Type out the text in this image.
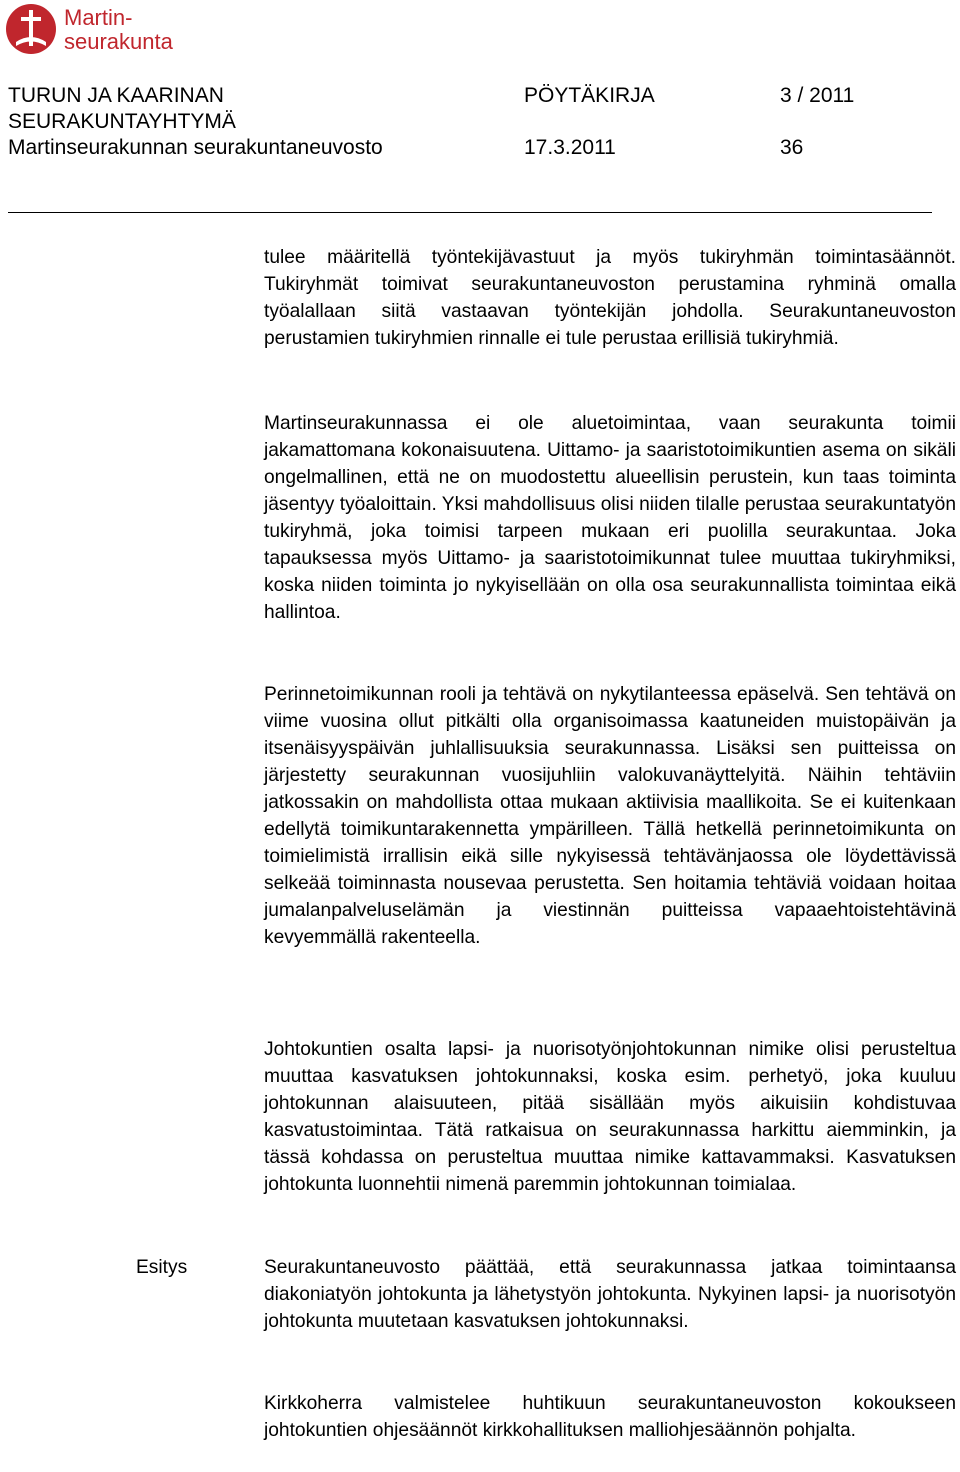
Martin-
seurakunta
TURUN JA KAARINAN
SEURAKUNTAYHTYMÄ
Martinseurakunnan seurakuntaneuvosto
PÖYTÄKIRJA	3 / 2011
17.3.2011	36

tulee määritellä työntekijävastuut ja myös tukiryhmän toimintasäännöt. Tukiryhmät toimivat seurakuntaneuvoston perustamina ryhminä omalla työalallaan siitä vastaavan työntekijän johdolla. Seurakuntaneuvoston perustamien tukiryhmien rinnalle ei tule perustaa erillisiä tukiryhmiä.

Martinseurakunnassa ei ole aluetoimintaa, vaan seurakunta toimii jakamattomana kokonaisuutena. Uittamo- ja saaristotoimikuntien asema on sikäli ongelmallinen, että ne on muodostettu alueellisin perustein, kun taas toiminta jäsentyy työaloittain. Yksi mahdollisuus olisi niiden tilalle perustaa seurakuntatyön tukiryhmä, joka toimisi tarpeen mukaan eri puolilla seurakuntaa. Joka tapauksessa myös Uittamo- ja saaristotoimikunnat tulee muuttaa tukiryhmiksi, koska niiden toiminta jo nykyisellään on olla osa seurakunnallista toimintaa eikä hallintoa.

Perinnetoimikunnan rooli ja tehtävä on nykytilanteessa epäselvä. Sen tehtävä on viime vuosina ollut pitkälti olla organisoimassa kaatuneiden muistopäivän ja itsenäisyyspäivän juhlallisuuksia seurakunnassa. Lisäksi sen puitteissa on järjestetty seurakunnan vuosijuhliin valokuvanäyttelyitä. Näihin tehtäviin jatkossakin on mahdollista ottaa mukaan aktiivisia maallikoita. Se ei kuitenkaan edellytä toimikuntarakennetta ympärilleen. Tällä hetkellä perinnetoimikunta on toimielimistä irrallisin eikä sille nykyisessä tehtävänjaossa ole löydettävissä selkeää toiminnasta nousevaa perustetta. Sen hoitamia tehtäviä voidaan hoitaa jumalanpalveluselämän ja viestinnän puitteissa vapaaehtoistehtävinä kevyemmällä rakenteella.

Johtokuntien osalta lapsi- ja nuorisotyönjohtokunnan nimike olisi perusteltua muuttaa kasvatuksen johtokunnaksi, koska esim. perhetyö, joka kuuluu johtokunnan alaisuuteen, pitää sisällään myös aikuisiin kohdistuvaa kasvatustoimintaa. Tätä ratkaisua on seurakunnassa harkittu aiemminkin, ja tässä kohdassa on perusteltua muuttaa nimike kattavammaksi. Kasvatuksen johtokunta luonnehtii nimenä paremmin johtokunnan toimialaa.

Esitys	Seurakuntaneuvosto päättää, että seurakunnassa jatkaa toimintaansa diakoniatyön johtokunta ja lähetystyön johtokunta. Nykyinen lapsi- ja nuorisotyön johtokunta muutetaan kasvatuksen johtokunnaksi.

Kirkkoherra valmistelee huhtikuun seurakuntaneuvoston kokoukseen johtokuntien ohjesäännöt kirkkohallituksen malliohjesäännön pohjalta.
